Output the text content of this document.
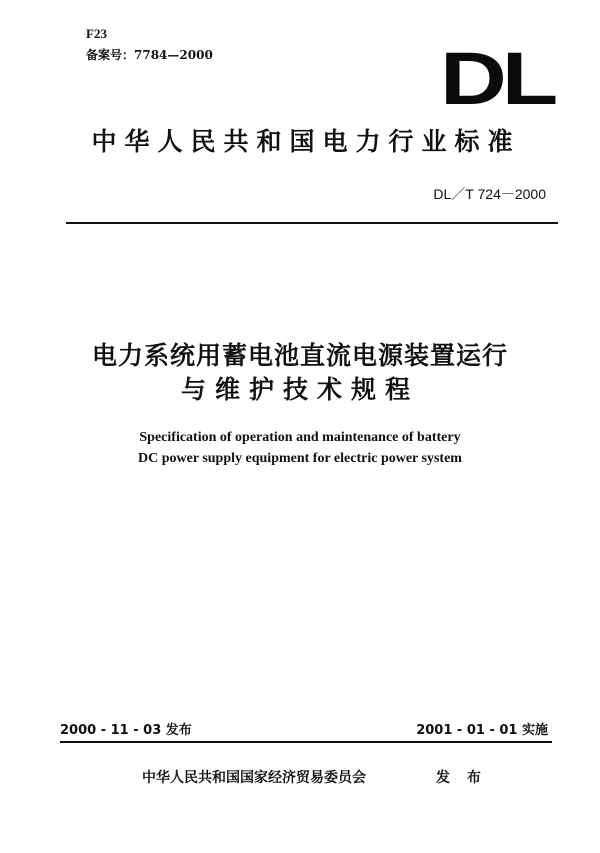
F23
备案号：7784—2000	DL
中华人民共和国电力行业标准
DL／T 724－2000
电力系统用蓄电池直流电源装置运行
与维护技术规程
Specification of operation and maintenance of battery
DC power supply equipment for electric power system
2000 - 11 - 03 发布	2001 - 01 - 01 实施
中华人民共和国国家经济贸易委员会	发 布
